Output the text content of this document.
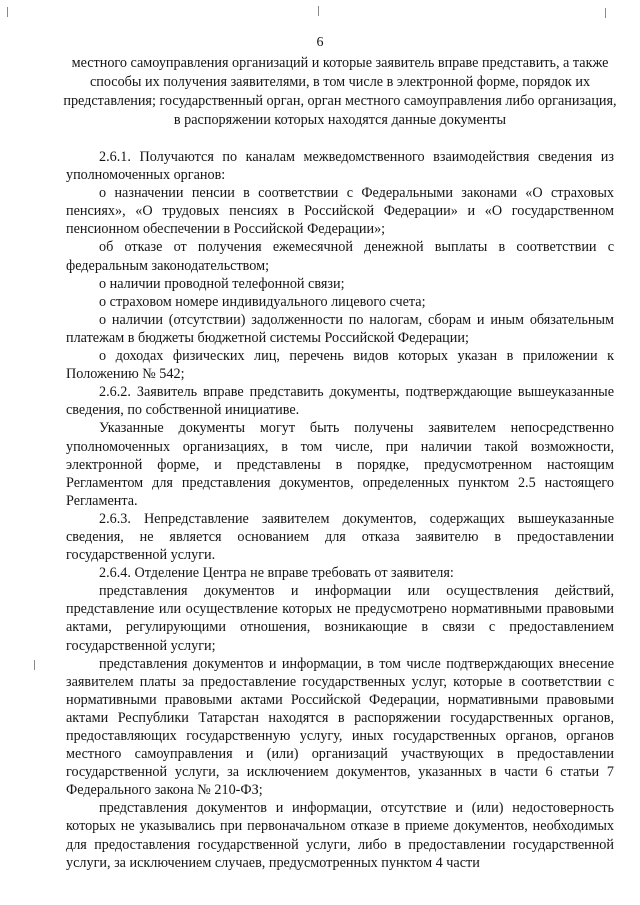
6
местного самоуправления организаций и которые заявитель вправе представить, а также способы их получения заявителями, в том числе в электронной форме, порядок их представления; государственный орган, орган местного самоуправления либо организация, в распоряжении которых находятся данные документы

2.6.1. Получаются по каналам межведомственного взаимодействия сведения из уполномоченных органов:

о назначении пенсии в соответствии с Федеральными законами «О страховых пенсиях», «О трудовых пенсиях в Российской Федерации» и «О государственном пенсионном обеспечении в Российской Федерации»;

об отказе от получения ежемесячной денежной выплаты в соответствии с федеральным законодательством;

о наличии проводной телефонной связи;

о страховом номере индивидуального лицевого счета;

о наличии (отсутствии) задолженности по налогам, сборам и иным обязательным платежам в бюджеты бюджетной системы Российской Федерации;

о доходах физических лиц, перечень видов которых указан в приложении к Положению № 542;

2.6.2. Заявитель вправе представить документы, подтверждающие вышеуказанные сведения, по собственной инициативе.

Указанные документы могут быть получены заявителем непосредственно уполномоченных организациях, в том числе, при наличии такой возможности, электронной форме, и представлены в порядке, предусмотренном настоящим Регламентом для представления документов, определенных пунктом 2.5 настоящего Регламента.

2.6.3. Непредставление заявителем документов, содержащих вышеуказанные сведения, не является основанием для отказа заявителю в предоставлении государственной услуги.

2.6.4. Отделение Центра не вправе требовать от заявителя:

представления документов и информации или осуществления действий, представление или осуществление которых не предусмотрено нормативными правовыми актами, регулирующими отношения, возникающие в связи с предоставлением государственной услуги;

представления документов и информации, в том числе подтверждающих внесение заявителем платы за предоставление государственных услуг, которые в соответствии с нормативными правовыми актами Российской Федерации, нормативными правовыми актами Республики Татарстан находятся в распоряжении государственных органов, предоставляющих государственную услугу, иных государственных органов, органов местного самоуправления и (или) организаций участвующих в предоставлении государственной услуги, за исключением документов, указанных в части 6 статьи 7 Федерального закона № 210-ФЗ;

представления документов и информации, отсутствие и (или) недостоверность которых не указывались при первоначальном отказе в приеме документов, необходимых для предоставления государственной услуги, либо в предоставлении государственной услуги, за исключением случаев, предусмотренных пунктом 4 части
